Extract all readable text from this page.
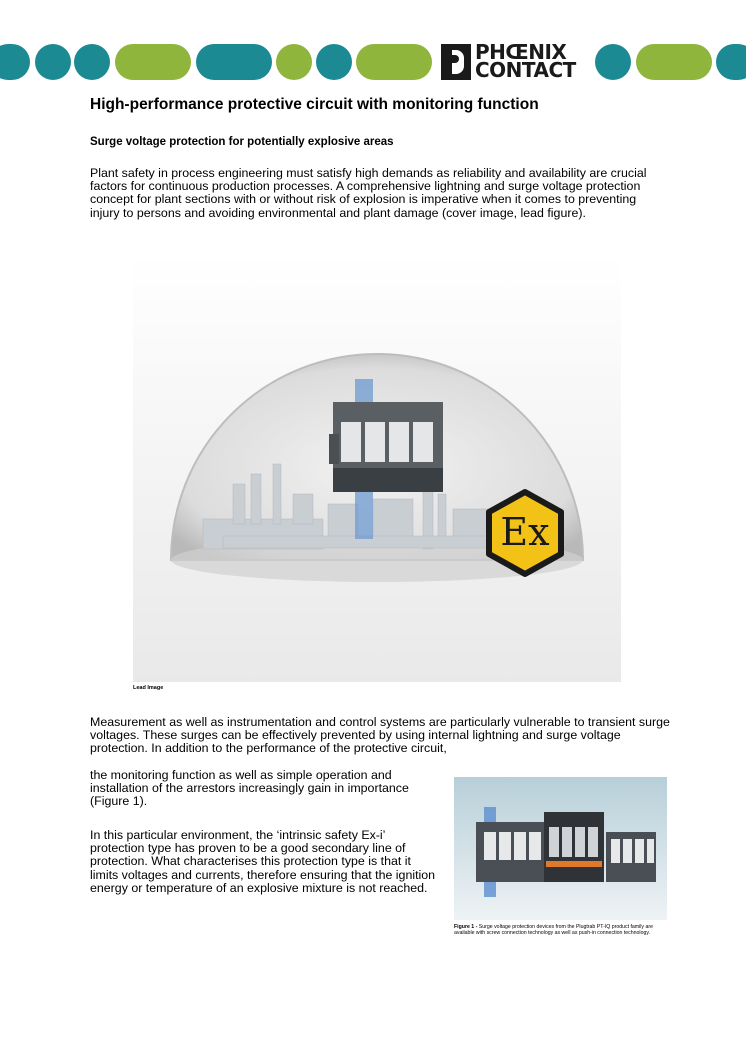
PHŒNIX
CONTACT
High-performance protective circuit with monitoring function
Surge voltage protection for potentially explosive areas

Plant safety in process engineering must satisfy high demands as reliability and availability are crucial factors for continuous production processes. A comprehensive lightning and surge voltage protection concept for plant sections with or without risk of explosion is imperative when it comes to preventing injury to persons and avoiding environmental and plant damage (cover image, lead figure).

Ex
Lead Image

Measurement as well as instrumentation and control systems are particularly vulnerable to transient surge voltages. These surges can be effectively prevented by using internal lightning and surge voltage protection. In addition to the performance of the protective circuit,

the monitoring function as well as simple operation and installation of the arrestors increasingly gain in importance (Figure 1).

In this particular environment, the ‘intrinsic safety Ex-i’ protection type has proven to be a good secondary line of protection. What characterises this protection type is that it limits voltages and currents, therefore ensuring that the ignition energy or temperature of an explosive mixture is not reached.

Figure 1 - Surge voltage protection devices from the Plugtrab PT-IQ product family are available with screw connection technology as well as push-in connection technology.
